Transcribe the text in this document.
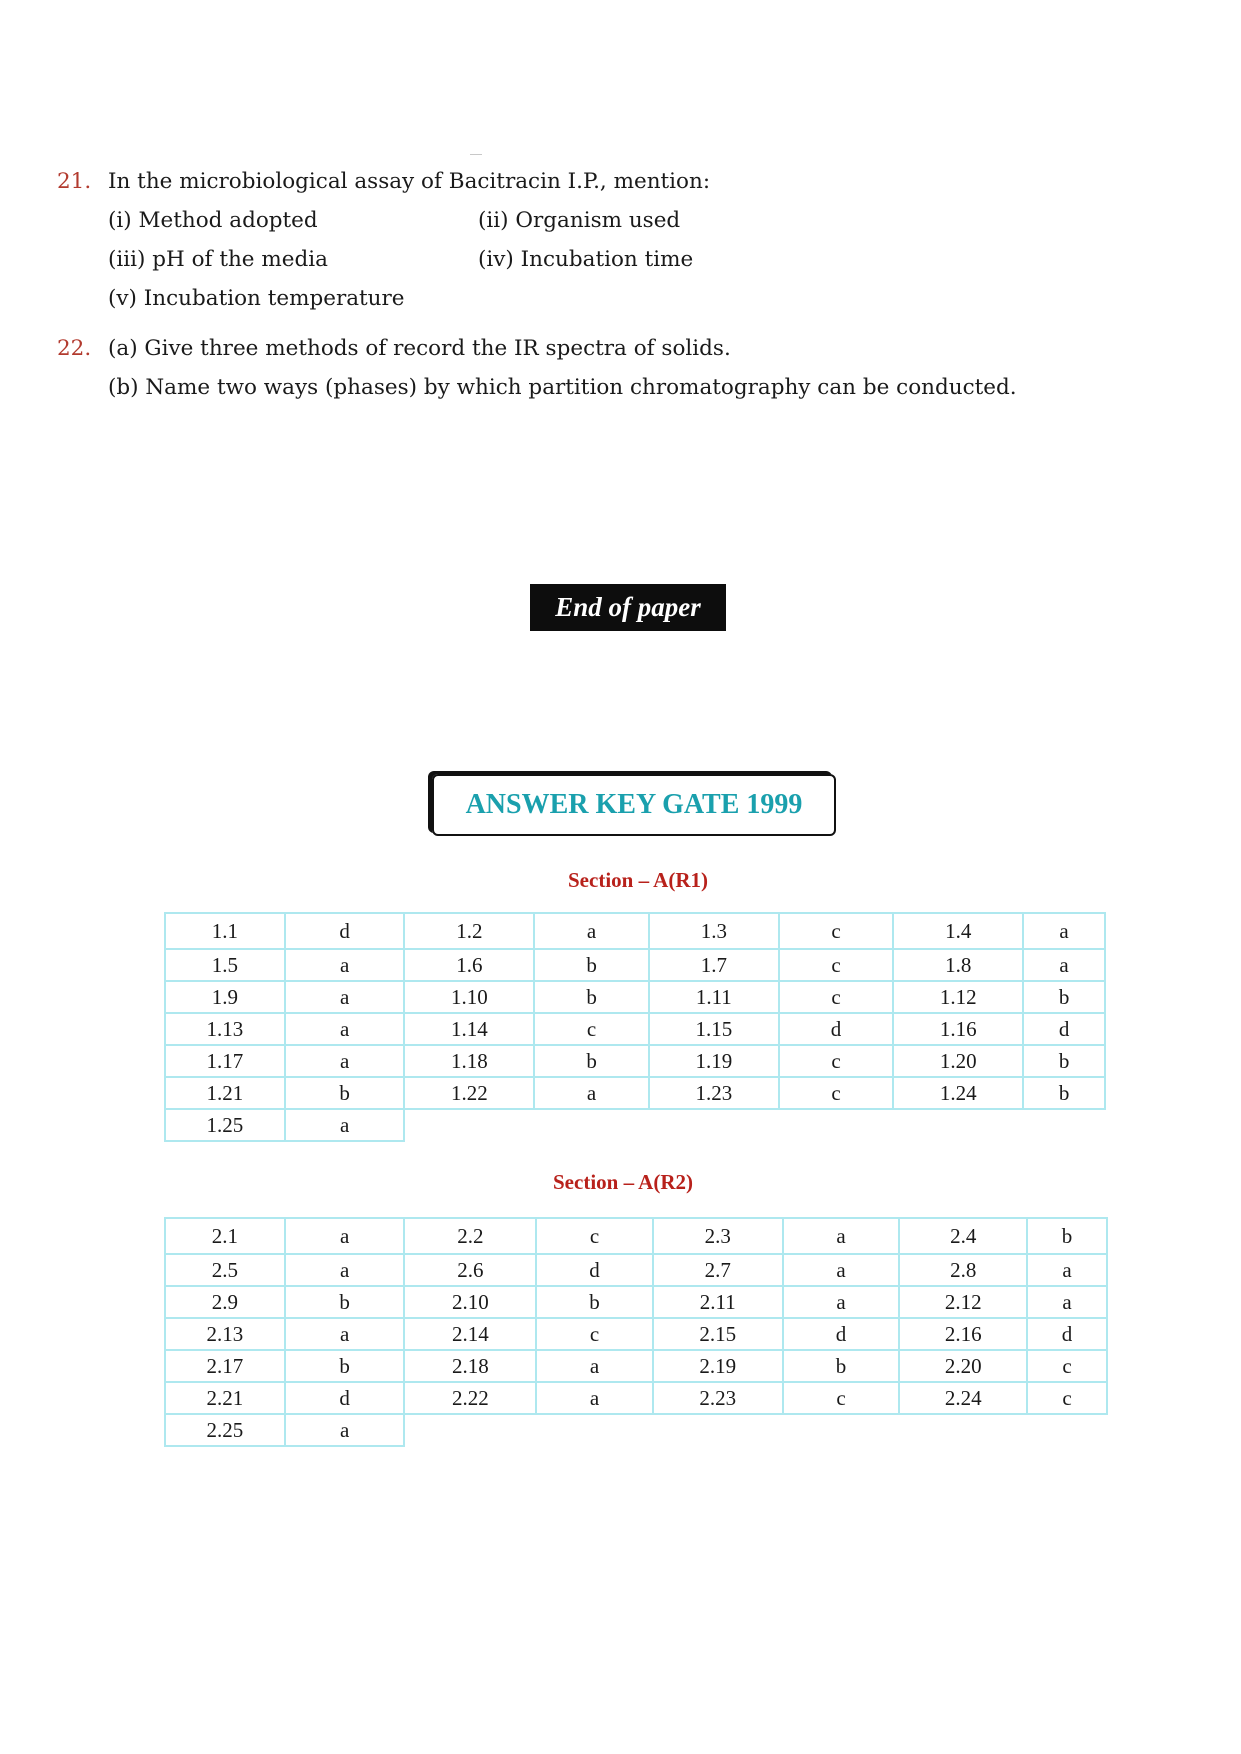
21. In the microbiological assay of Bacitracin I.P., mention:
(i) Method adopted	(ii) Organism used
(iii) pH of the media	(iv) Incubation time
(v) Incubation temperature
22. (a) Give three methods of record the IR spectra of solids.
(b) Name two ways (phases) by which partition chromatography can be conducted.
End of paper
ANSWER KEY GATE 1999
Section – A(R1)
1.1	d	1.2	a	1.3	c	1.4	a
1.5	a	1.6	b	1.7	c	1.8	a
1.9	a	1.10	b	1.11	c	1.12	b
1.13	a	1.14	c	1.15	d	1.16	d
1.17	a	1.18	b	1.19	c	1.20	b
1.21	b	1.22	a	1.23	c	1.24	b
1.25	a						
Section – A(R2)
2.1	a	2.2	c	2.3	a	2.4	b
2.5	a	2.6	d	2.7	a	2.8	a
2.9	b	2.10	b	2.11	a	2.12	a
2.13	a	2.14	c	2.15	d	2.16	d
2.17	b	2.18	a	2.19	b	2.20	c
2.21	d	2.22	a	2.23	c	2.24	c
2.25	a						
